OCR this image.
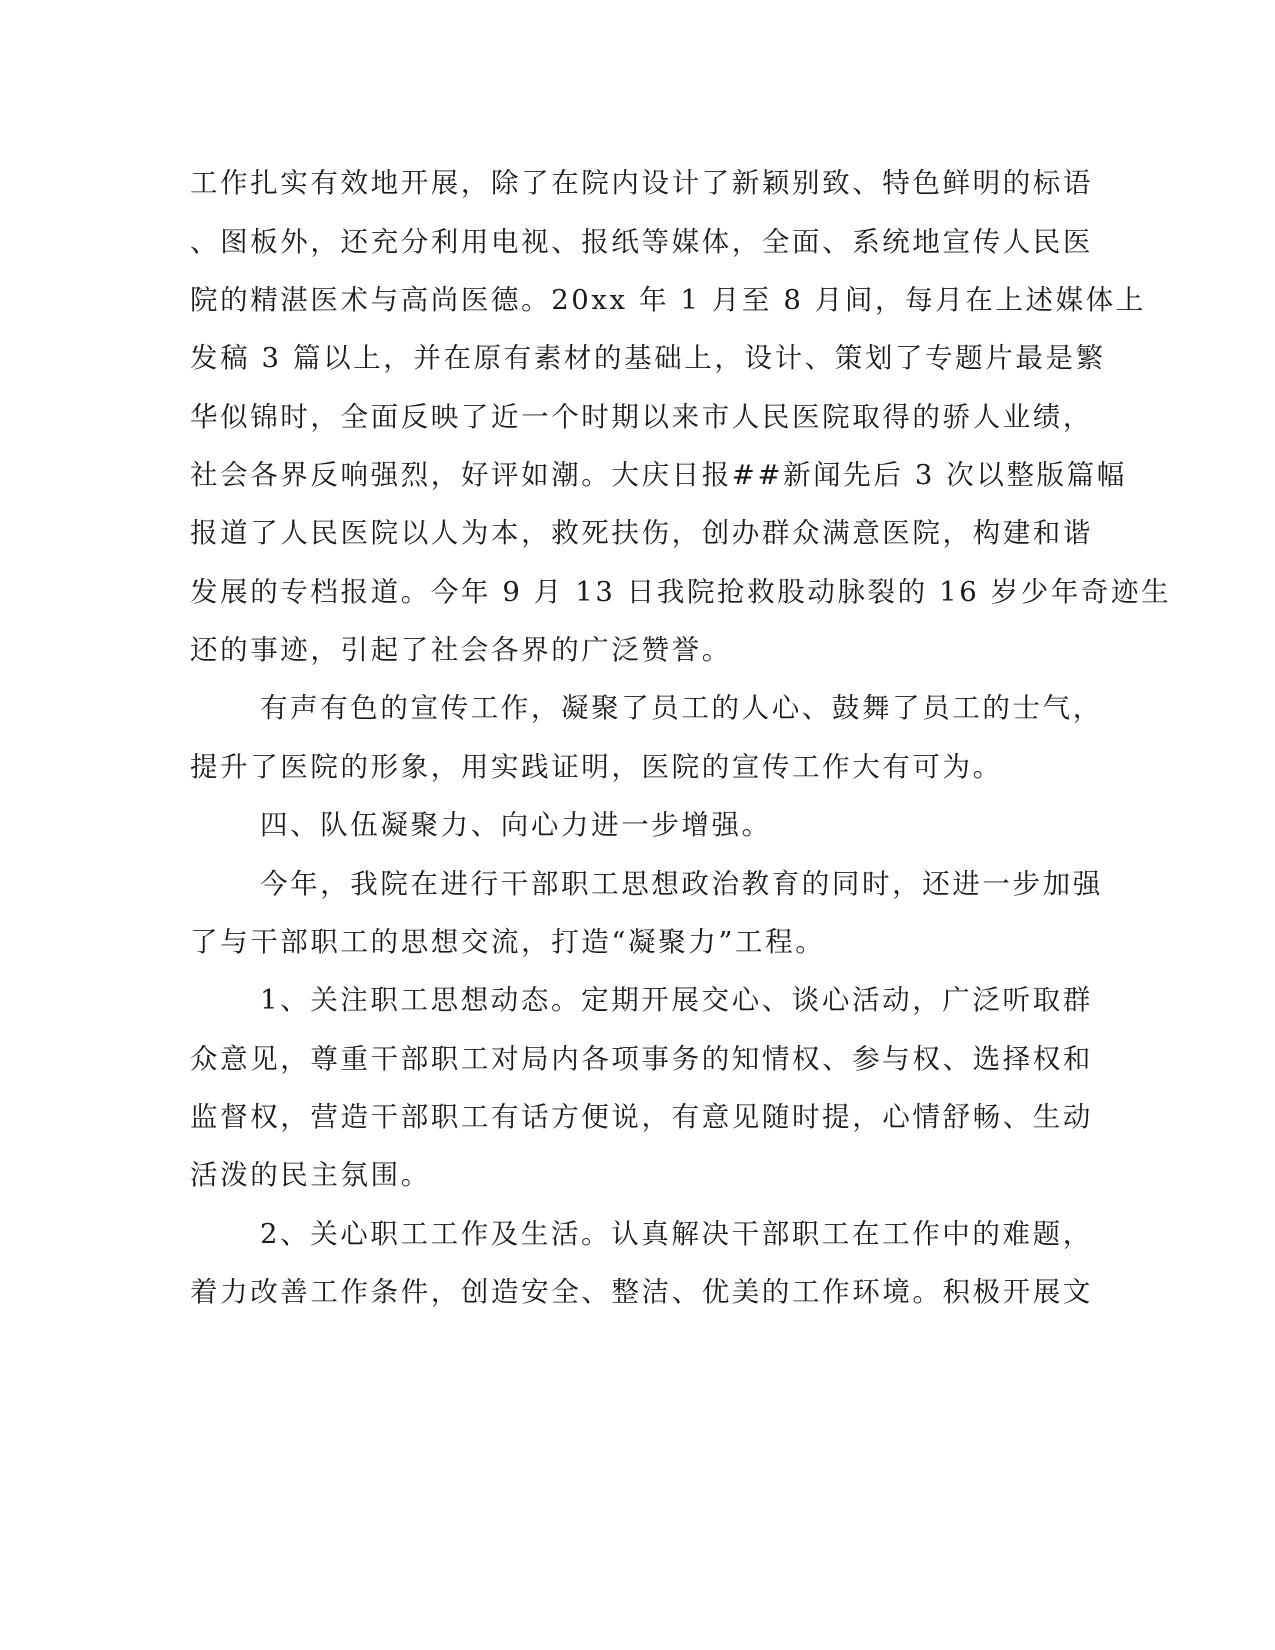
工作扎实有效地开展，除了在院内设计了新颖别致、特色鲜明的标语
、图板外，还充分利用电视、报纸等媒体，全面、系统地宣传人民医
院的精湛医术与高尚医德。20xx 年 1 月至 8 月间，每月在上述媒体上
发稿 3 篇以上，并在原有素材的基础上，设计、策划了专题片最是繁
华似锦时，全面反映了近一个时期以来市人民医院取得的骄人业绩，
社会各界反响强烈，好评如潮。大庆日报##新闻先后 3 次以整版篇幅
报道了人民医院以人为本，救死扶伤，创办群众满意医院，构建和谐
发展的专档报道。今年 9 月 13 日我院抢救股动脉裂的 16 岁少年奇迹生
还的事迹，引起了社会各界的广泛赞誉。
有声有色的宣传工作，凝聚了员工的人心、鼓舞了员工的士气，
提升了医院的形象，用实践证明，医院的宣传工作大有可为。
四、队伍凝聚力、向心力进一步增强。
今年，我院在进行干部职工思想政治教育的同时，还进一步加强
了与干部职工的思想交流，打造“凝聚力”工程。
1、关注职工思想动态。定期开展交心、谈心活动，广泛听取群
众意见，尊重干部职工对局内各项事务的知情权、参与权、选择权和
监督权，营造干部职工有话方便说，有意见随时提，心情舒畅、生动
活泼的民主氛围。
2、关心职工工作及生活。认真解决干部职工在工作中的难题，
着力改善工作条件，创造安全、整洁、优美的工作环境。积极开展文
